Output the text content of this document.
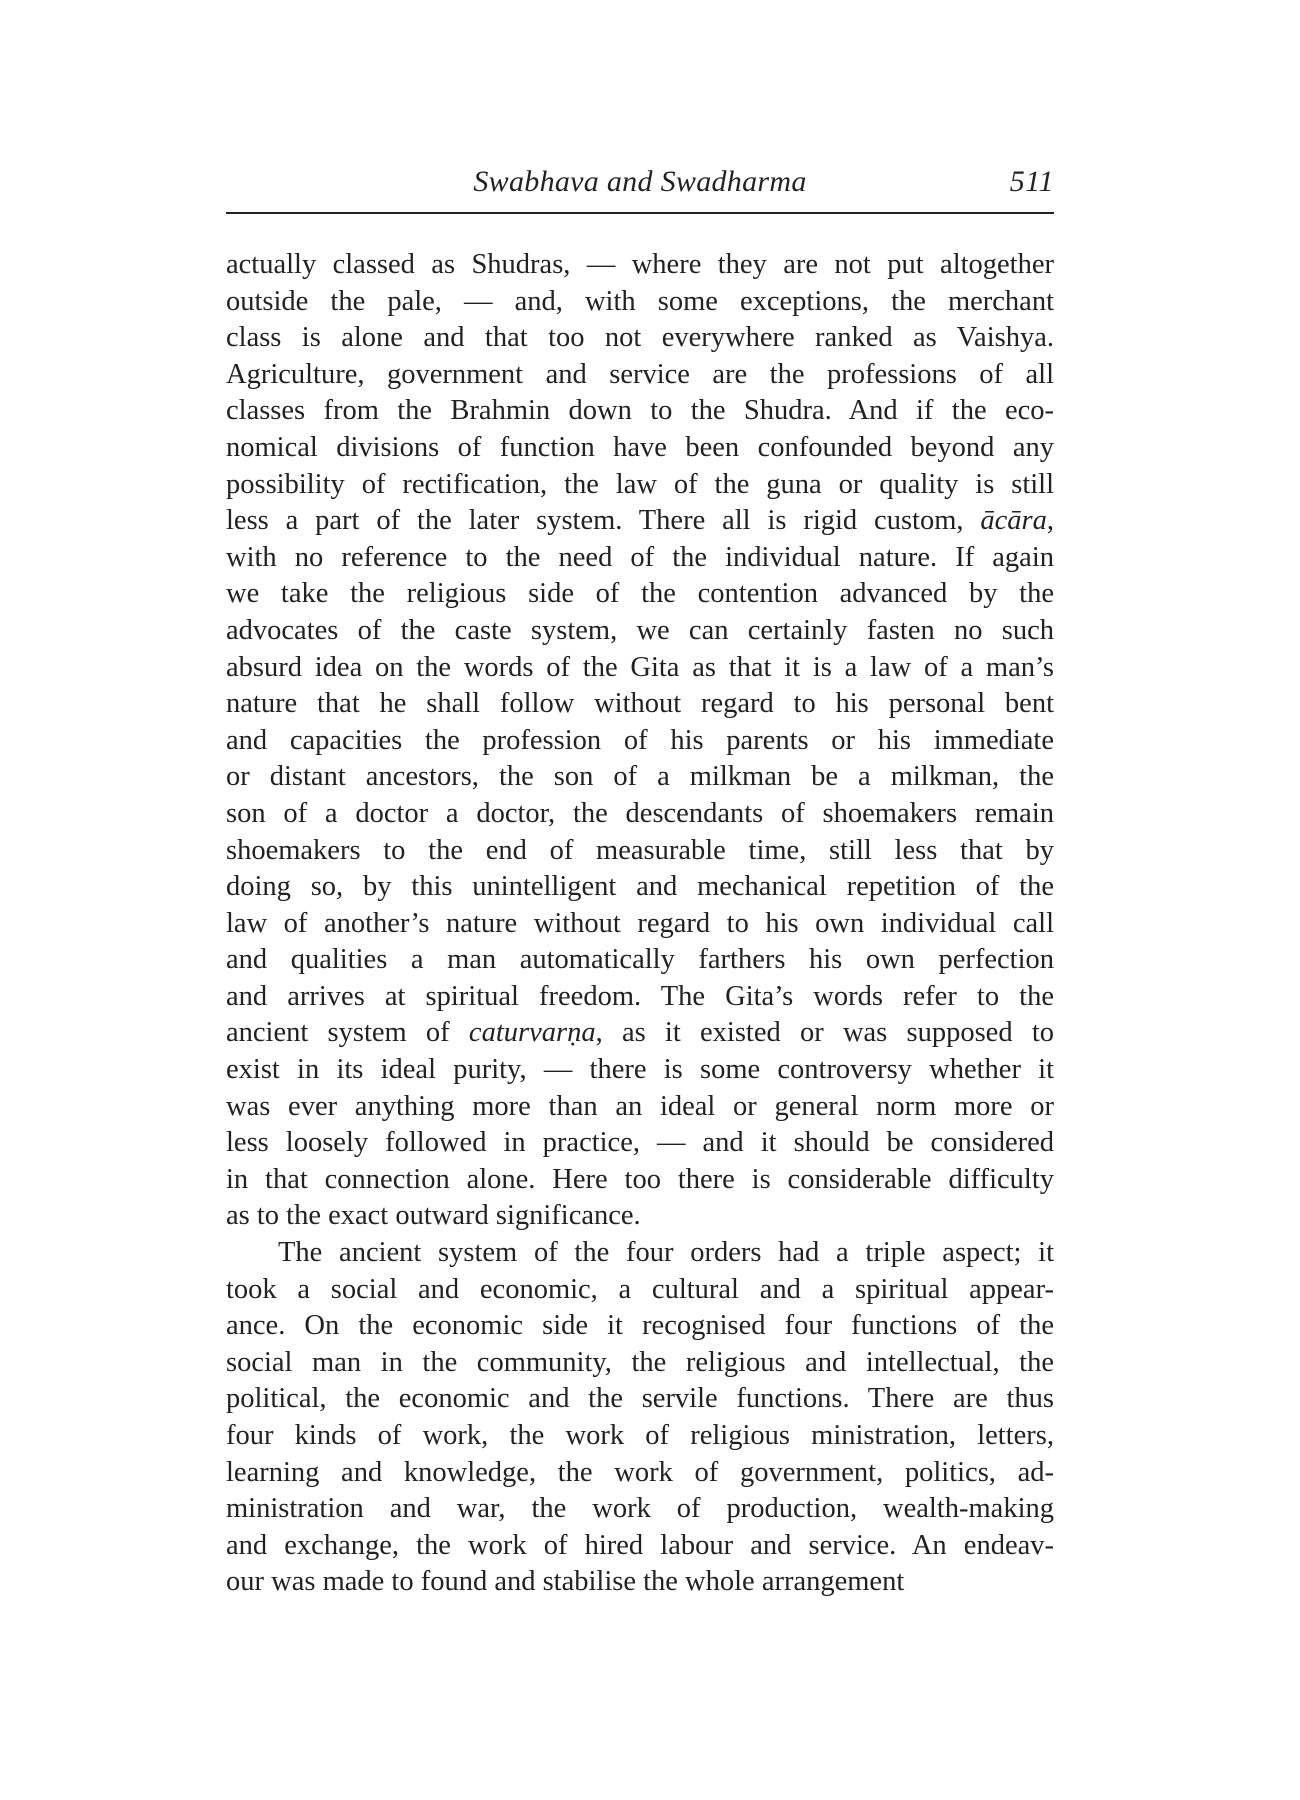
Swabhava and Swadharma	511
actually classed as Shudras, — where they are not put altogether
outside the pale, — and, with some exceptions, the merchant
class is alone and that too not everywhere ranked as Vaishya.
Agriculture, government and service are the professions of all
classes from the Brahmin down to the Shudra. And if the eco-
nomical divisions of function have been confounded beyond any
possibility of rectification, the law of the guna or quality is still
less a part of the later system. There all is rigid custom, ācāra,
with no reference to the need of the individual nature. If again
we take the religious side of the contention advanced by the
advocates of the caste system, we can certainly fasten no such
absurd idea on the words of the Gita as that it is a law of a man’s
nature that he shall follow without regard to his personal bent
and capacities the profession of his parents or his immediate
or distant ancestors, the son of a milkman be a milkman, the
son of a doctor a doctor, the descendants of shoemakers remain
shoemakers to the end of measurable time, still less that by
doing so, by this unintelligent and mechanical repetition of the
law of another’s nature without regard to his own individual call
and qualities a man automatically farthers his own perfection
and arrives at spiritual freedom. The Gita’s words refer to the
ancient system of caturvarṇa, as it existed or was supposed to
exist in its ideal purity, — there is some controversy whether it
was ever anything more than an ideal or general norm more or
less loosely followed in practice, — and it should be considered
in that connection alone. Here too there is considerable difficulty
as to the exact outward significance.
The ancient system of the four orders had a triple aspect; it
took a social and economic, a cultural and a spiritual appear-
ance. On the economic side it recognised four functions of the
social man in the community, the religious and intellectual, the
political, the economic and the servile functions. There are thus
four kinds of work, the work of religious ministration, letters,
learning and knowledge, the work of government, politics, ad-
ministration and war, the work of production, wealth-making
and exchange, the work of hired labour and service. An endeav-
our was made to found and stabilise the whole arrangement
